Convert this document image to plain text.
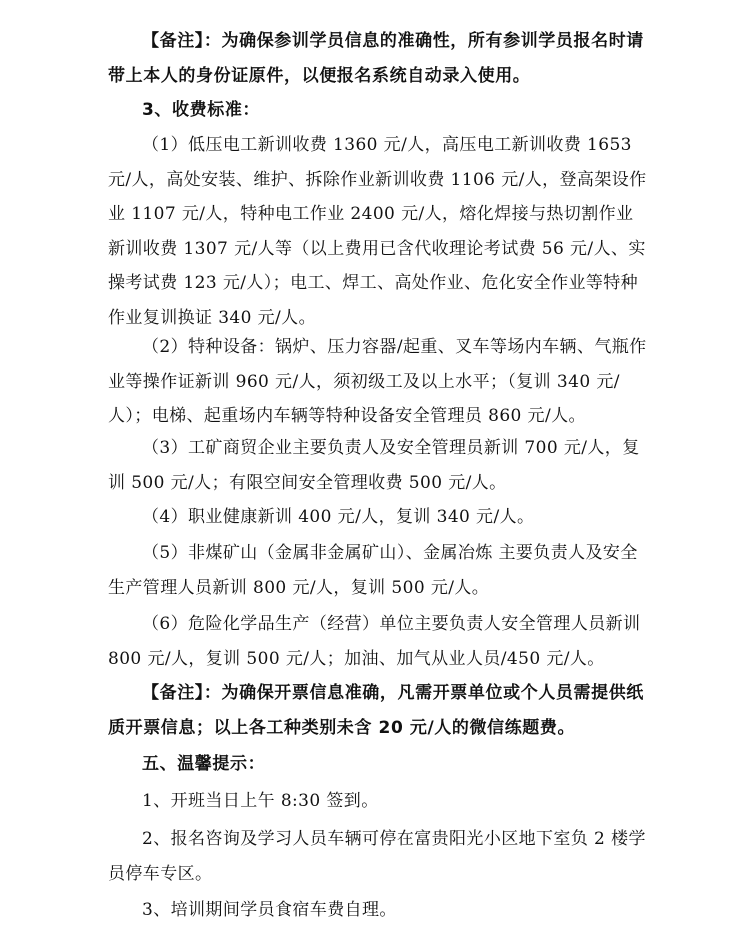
【备注】：为确保参训学员信息的准确性，所有参训学员报名时请带上本人的身份证原件，以便报名系统自动录入使用。

3、收费标准：

（1）低压电工新训收费 1360 元/人，高压电工新训收费 1653 元/人，高处安装、维护、拆除作业新训收费 1106 元/人，登高架设作业 1107 元/人，特种电工作业 2400 元/人，熔化焊接与热切割作业新训收费 1307 元/人等（以上费用已含代收理论考试费 56 元/人、实操考试费 123 元/人）；电工、焊工、高处作业、危化安全作业等特种作业复训换证 340 元/人。

（2）特种设备：锅炉、压力容器/起重、叉车等场内车辆、气瓶作业等操作证新训 960 元/人，须初级工及以上水平；（复训 340 元/人）；电梯、起重场内车辆等特种设备安全管理员 860 元/人。

（3）工矿商贸企业主要负责人及安全管理员新训 700 元/人，复训 500 元/人；有限空间安全管理收费 500 元/人。

（4）职业健康新训 400 元/人，复训 340 元/人。

（5）非煤矿山（金属非金属矿山）、金属冶炼 主要负责人及安全生产管理人员新训 800 元/人，复训 500 元/人。

（6）危险化学品生产（经营）单位主要负责人安全管理人员新训 800 元/人，复训 500 元/人；加油、加气从业人员/450 元/人。

【备注】：为确保开票信息准确，凡需开票单位或个人员需提供纸质开票信息；以上各工种类别未含 20 元/人的微信练题费。

五、温馨提示：

1、开班当日上午 8:30 签到。

2、报名咨询及学习人员车辆可停在富贵阳光小区地下室负 2 楼学员停车专区。

3、培训期间学员食宿车费自理。
